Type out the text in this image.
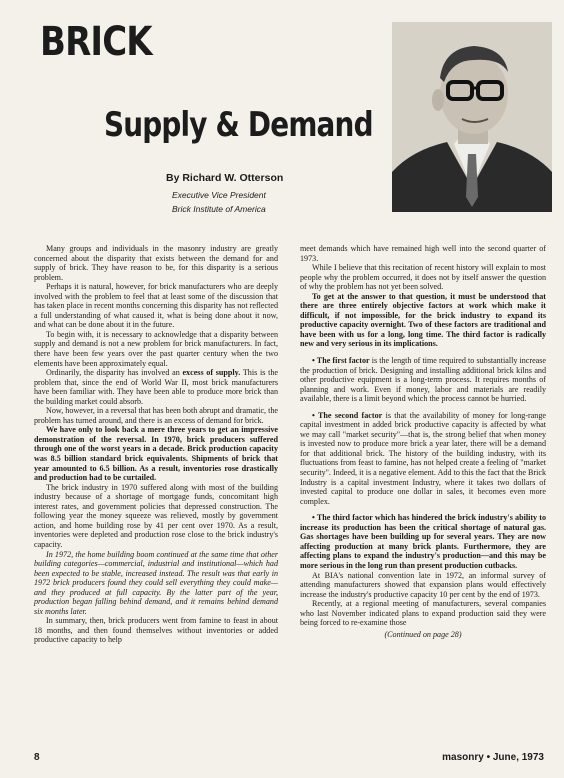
BRICK
Supply & Demand
By Richard W. Otterson
Executive Vice President
Brick Institute of America

Many groups and individuals in the masonry industry are greatly concerned about the disparity that exists between the demand for and supply of brick. They have reason to be, for this disparity is a serious problem.

Perhaps it is natural, however, for brick manufacturers who are deeply involved with the problem to feel that at least some of the discussion that has taken place in recent months concerning this disparity has not reflected a full understanding of what caused it, what is being done about it now, and what can be done about it in the future.

To begin with, it is necessary to acknowledge that a disparity between supply and demand is not a new problem for brick manufacturers. In fact, there have been few years over the past quarter century when the two elements have been approximately equal.

Ordinarily, the disparity has involved an excess of supply. This is the problem that, since the end of World War II, most brick manufacturers have been familiar with. They have been able to produce more brick than the building market could absorb.

Now, however, in a reversal that has been both abrupt and dramatic, the problem has turned around, and there is an excess of demand for brick.

We have only to look back a mere three years to get an impressive demonstration of the reversal. In 1970, brick producers suffered through one of the worst years in a decade. Brick production capacity was 8.5 billion standard brick equivalents. Shipments of brick that year amounted to 6.5 billion. As a result, inventories rose drastically and production had to be curtailed.

The brick industry in 1970 suffered along with most of the building industry because of a shortage of mortgage funds, concomitant high interest rates, and government policies that depressed construction. The following year the money squeeze was relieved, mostly by government action, and home building rose by 41 per cent over 1970. As a result, inventories were depleted and production rose close to the brick industry's capacity.

In 1972, the home building boom continued at the same time that other building categories—commercial, industrial and institutional—which had been expected to be stable, increased instead. The result was that early in 1972 brick producers found they could sell everything they could make—and they produced at full capacity. By the latter part of the year, production began falling behind demand, and it remains behind demand six months later.

In summary, then, brick producers went from famine to feast in about 18 months, and then found themselves without inventories or added productive capacity to help

meet demands which have remained high well into the second quarter of 1973.

While I believe that this recitation of recent history will explain to most people why the problem occurred, it does not by itself answer the question of why the problem has not yet been solved.

To get at the answer to that question, it must be understood that there are three entirely objective factors at work which make it difficult, if not impossible, for the brick industry to expand its productive capacity overnight. Two of these factors are traditional and have been with us for a long, long time. The third factor is radically new and very serious in its implications.

• The first factor is the length of time required to substantially increase the production of brick. Designing and installing additional brick kilns and other productive equipment is a long-term process. It requires months of planning and work. Even if money, labor and materials are readily available, there is a limit beyond which the process cannot be hurried.

• The second factor is that the availability of money for long-range capital investment in added brick productive capacity is affected by what we may call "market security"—that is, the strong belief that when money is invested now to produce more brick a year later, there will be a demand for that additional brick. The history of the building industry, with its fluctuations from feast to famine, has not helped create a feeling of "market security". Indeed, it is a negative element. Add to this the fact that the Brick Industry is a capital investment Industry, where it takes two dollars of invested capital to produce one dollar in sales, it becomes even more complex.

• The third factor which has hindered the brick industry's ability to increase its production has been the critical shortage of natural gas. Gas shortages have been building up for several years. They are now affecting production at many brick plants. Furthermore, they are affecting plans to expand the industry's production—and this may be more serious in the long run than present production cutbacks.

At BIA's national convention late in 1972, an informal survey of attending manufacturers showed that expansion plans would effectively increase the industry's productive capacity 10 per cent by the end of 1973.

Recently, at a regional meeting of manufacturers, several companies who last November indicated plans to expand production said they were being forced to re-examine those

(Continued on page 28)
8	masonry • June, 1973
